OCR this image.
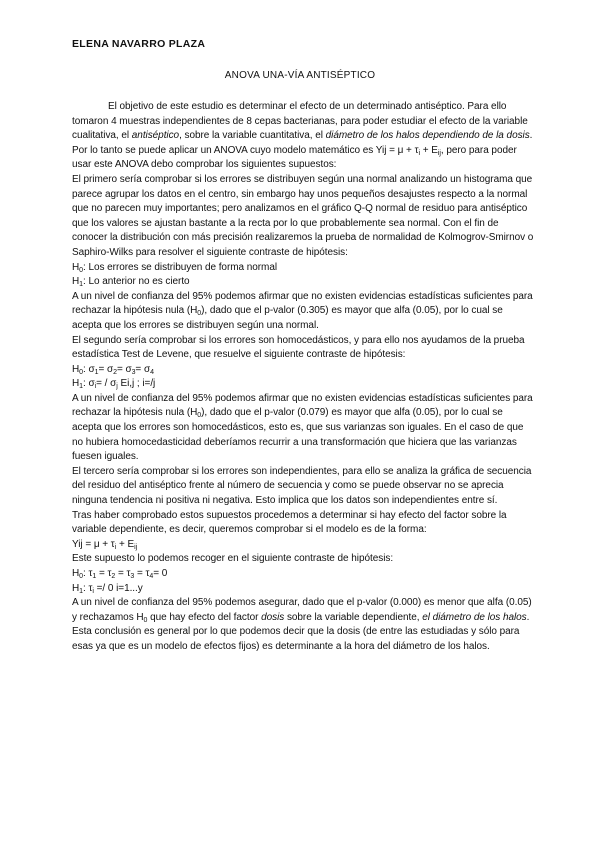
ELENA NAVARRO PLAZA
ANOVA UNA-VÍA ANTISÉPTICO

El objetivo de este estudio es determinar el efecto de un determinado antiséptico. Para ello tomaron 4 muestras independientes de 8 cepas bacterianas, para poder estudiar el efecto de la variable cualitativa, el antiséptico, sobre la variable cuantitativa, el diámetro de los halos dependiendo de la dosis.

Por lo tanto se puede aplicar un ANOVA cuyo modelo matemático es Yij = $\mu + \tau_i + E_{ij}$, pero para poder usar este ANOVA debo comprobar los siguientes supuestos:

El primero sería comprobar si los errores se distribuyen según una normal analizando un histograma que parece agrupar los datos en el centro, sin embargo hay unos pequeños desajustes respecto a la normal que no parecen muy importantes; pero analizamos en el gráfico Q-Q normal de residuo para antiséptico que los valores se ajustan bastante a la recta por lo que probablemente sea normal. Con el fin de conocer la distribución con más precisión realizaremos la prueba de normalidad de Kolmogrov-Smirnov o Saphiro-Wilks para resolver el siguiente contraste de hipótesis:

$H_0$: Los errores se distribuyen de forma normal

$H_1$: Lo anterior no es cierto

A un nivel de confianza del 95% podemos afirmar que no existen evidencias estadísticas suficientes para rechazar la hipótesis nula $(H_0)$, dado que el p-valor (0.305) es mayor que alfa (0.05), por lo cual se acepta que los errores se distribuyen según una normal.

El segundo sería comprobar si los errores son homocedásticos, y para ello nos ayudamos de la prueba estadística Test de Levene, que resuelve el siguiente contraste de hipótesis:

$H_0$: $\sigma_1= \sigma_2= \sigma_3= \sigma_4$

$H_1$: $\sigma_i= / \sigma_j$ Ei,j ; i=/j

A un nivel de confianza del 95% podemos afirmar que no existen evidencias estadísticas suficientes para rechazar la hipótesis nula $(H_0)$, dado que el p-valor (0.079) es mayor que alfa (0.05), por lo cual se acepta que los errores son homocedásticos, esto es, que sus varianzas son iguales. En el caso de que no hubiera homocedasticidad deberíamos recurrir a una transformación que hiciera que las varianzas fuesen iguales.

El tercero sería comprobar si los errores son independientes, para ello se analiza la gráfica de secuencia del residuo del antiséptico frente al número de secuencia y como se puede observar no se aprecia ninguna tendencia ni positiva ni negativa. Esto implica que los datos son independientes entre sí.

Tras haber comprobado estos supuestos procedemos a determinar si hay efecto del factor sobre la variable dependiente, es decir, queremos comprobar si el modelo es de la forma:

Yij = $\mu + \tau_i + E_{ij}$

Este supuesto lo podemos recoger en el siguiente contraste de hipótesis:

$H_0$: $\tau_1 = \tau_2 = \tau_3 = \tau_4= 0$

$H_1$: $\tau_i =/ 0$ i=1...y

A un nivel de confianza del 95% podemos asegurar, dado que el p-valor (0.000) es menor que alfa (0.05) y rechazamos $H_0$ que hay efecto del factor dosis sobre la variable dependiente, el diámetro de los halos. Esta conclusión es general por lo que podemos decir que la dosis (de entre las estudiadas y sólo para esas ya que es un modelo de efectos fijos) es determinante a la hora del diámetro de los halos.
